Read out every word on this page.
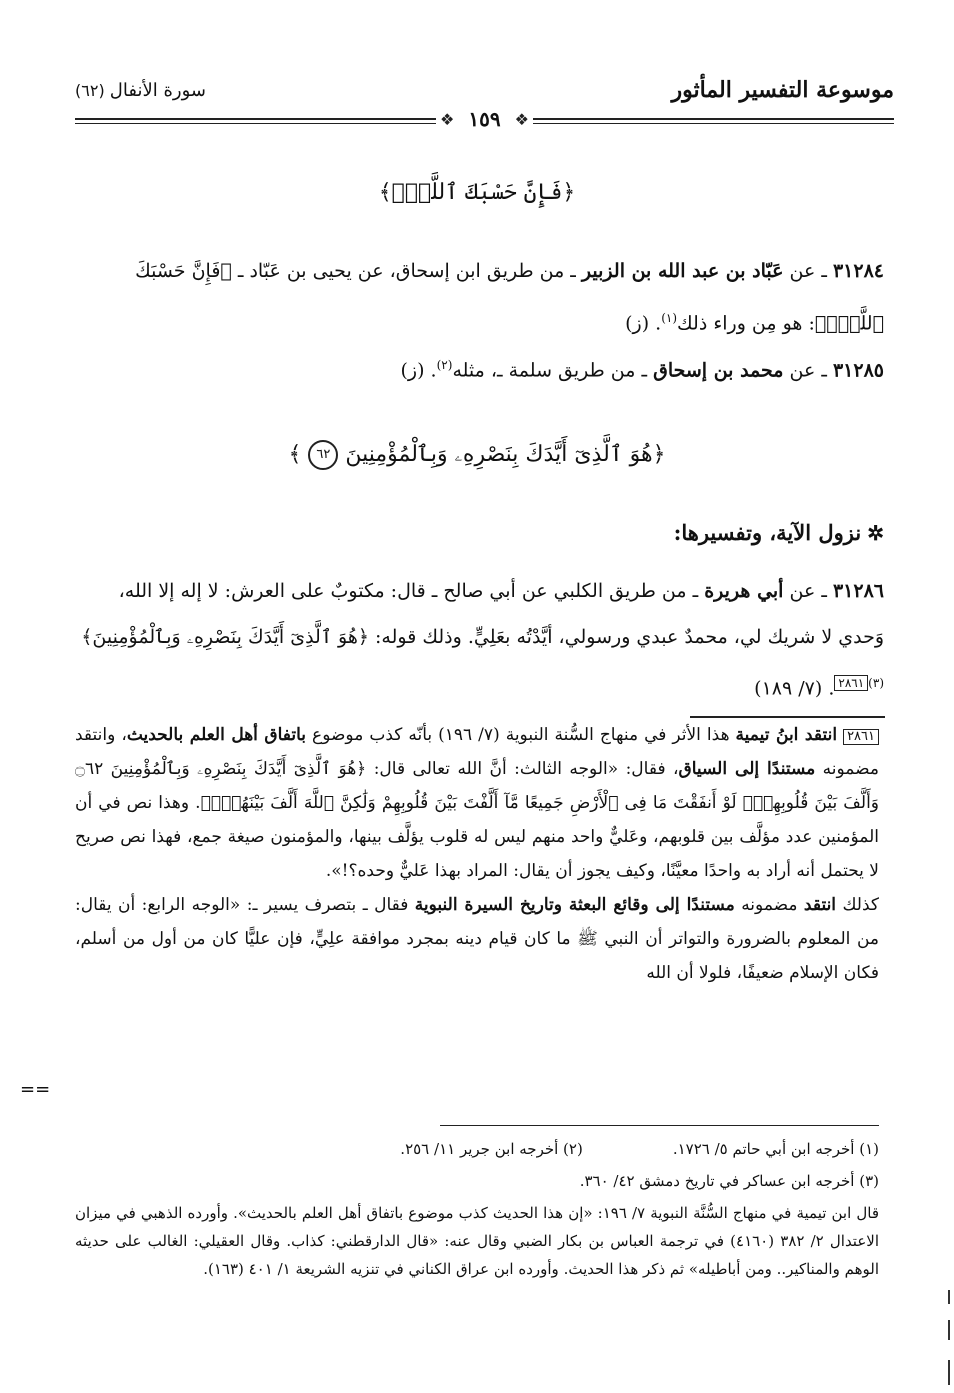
موسوعة التفسير المأثور
سورة الأنفال (٦٢)
❖ ١٥٩ ❖
﴿فَإِنَّ حَسْبَكَ ٱللَّهُۚ﴾
٣١٢٨٤ ـ عن عَبّاد بن عبد الله بن الزبير ـ من طريق ابن إسحاق، عن يحيى بن عَبّاد ـ ﴿فَإِنَّ حَسْبَكَ ٱللَّهُۚ﴾: هو مِن وراء ذلك$^{(١)}$. (ز)
٣١٢٨٥ ـ عن محمد بن إسحاق ـ من طريق سلمة ـ، مثله$^{(٢)}$. (ز)
﴿هُوَ ٱلَّذِىٓ أَيَّدَكَ بِنَصْرِهِۦ وَبِٱلْمُؤْمِنِينَ ٦٢ ﴾
✲نزول الآية، وتفسيرها:
٣١٢٨٦ ـ عن أبي هريرة ـ من طريق الكلبي عن أبي صالح ـ قال: مكتوبٌ على العرش: لا إله إلا الله، وَحدي لا شريك لي، محمدٌ عبدي ورسولي، أيَّدْتُه بعَلِيٍّ. وذلك قوله: ﴿هُوَ ٱلَّذِىٓ أَيَّدَكَ بِنَصْرِهِۦ وَبِٱلْمُؤْمِنِينَ﴾$^{(٣)}$٢٨٦١. (٧/ ١٨٩)

٢٨٦١ انتقد ابنُ تيمية هذا الأثر في منهاج السُّنة النبوية (٧/ ١٩٦) بأنّه كذب موضوع باتفاق أهل العلم بالحديث، وانتقد مضمونه مستندًا إلى السياق، فقال: «الوجه الثالث: أنَّ الله تعالى قال: ﴿هُوَ ٱلَّذِىٓ أَيَّدَكَ بِنَصْرِهِۦ وَبِٱلْمُؤْمِنِينَ ۝٦٢ وَأَلَّفَ بَيْنَ قُلُوبِهِمْۚ لَوْ أَنفَقْتَ مَا فِى ٱلْأَرْضِ جَمِيعًا مَّآ أَلَّفْتَ بَيْنَ قُلُوبِهِمْ وَلَٰكِنَّ ٱللَّهَ أَلَّفَ بَيْنَهُمْۚ﴾. وهذا نص في أن المؤمنين عدد مؤلَّف بين قلوبهم، وعَليٌّ واحد منهم ليس له قلوب يؤلَّف بينها، والمؤمنون صيغة جمع، فهذا نص صريح لا يحتمل أنه أراد به واحدًا معيَّنًا، وكيف يجوز أن يقال: المراد بهذا عَليٌّ وحده؟!».

كذلك انتقد مضمونه مستندًا إلى وقائع البعثة وتاريخ السيرة النبوية فقال ـ بتصرف يسير ـ: «الوجه الرابع: أن يقال: من المعلوم بالضرورة والتواتر أن النبي ﷺ ما كان قيام دينه بمجرد موافقة علِيٍّ، فإن عليًّا كان من أول من أسلم، فكان الإسلام ضعيفًا، فلولا أن الله

==
(١) أخرجه ابن أبي حاتم ٥/ ١٧٢٦.
(٢) أخرجه ابن جرير ١١/ ٢٥٦.
(٣) أخرجه ابن عساكر في تاريخ دمشق ٤٢/ ٣٦٠.
قال ابن تيمية في منهاج السُّنَّة النبوية ٧/ ١٩٦: «إن هذا الحديث كذب موضوع باتفاق أهل العلم بالحديث». وأورده الذهبي في ميزان الاعتدال ٢/ ٣٨٢ (٤١٦٠) في ترجمة العباس بن بكار الضبي وقال عنه: «قال الدارقطني: كذاب. وقال العقيلي: الغالب على حديثه الوهم والمناكير.. ومن أباطيله» ثم ذكر هذا الحديث. وأورده ابن عراق الكناني في تنزيه الشريعة ١/ ٤٠١ (١٦٣).
